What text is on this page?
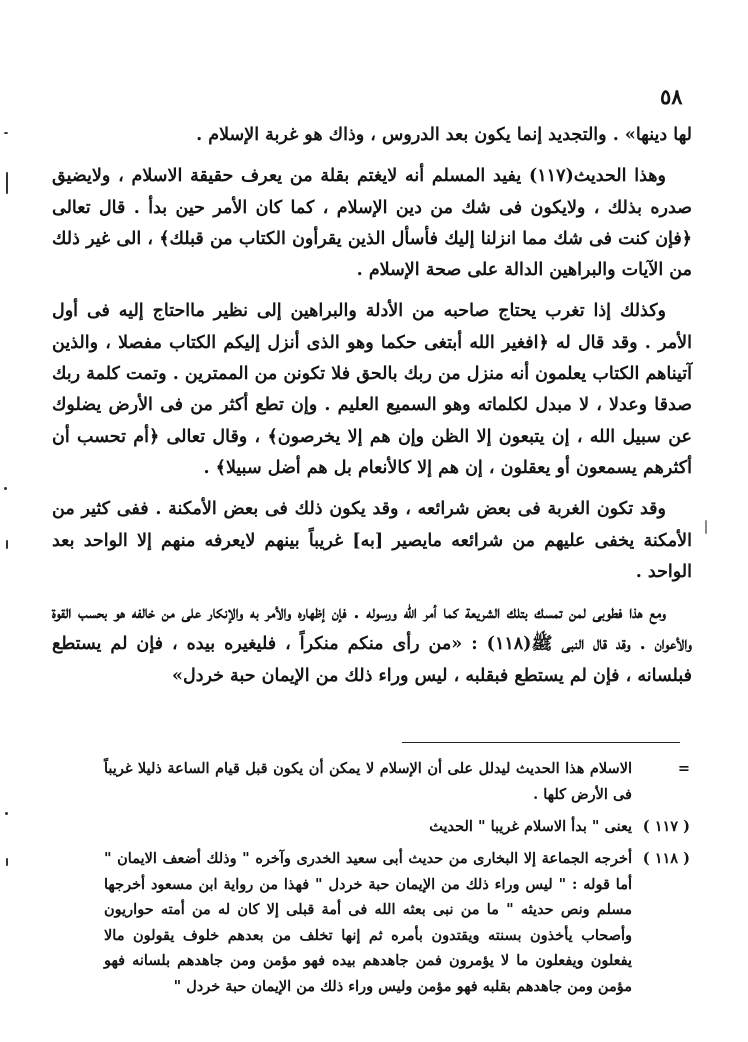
٥٨

لها دينها» . والتجديد إنما يكون بعد الدروس ، وذاك هو غربة الإسلام .

وهذا الحديث(١١٧) يفيد المسلم أنه لايغتم بقلة من يعرف حقيقة الاسلام ، ولايضيق صدره بذلك ، ولايكون فى شك من دين الإسلام ، كما كان الأمر حين بدأ . قال تعالى ﴿فإن كنت فى شك مما انزلنا إليك فأسأل الذين يقرأون الكتاب من قبلك﴾ ، الى غير ذلك من الآيات والبراهين الدالة على صحة الإسلام .

وكذلك إذا تغرب يحتاج صاحبه من الأدلة والبراهين إلى نظير مااحتاج إليه فى أول الأمر . وقد قال له ﴿افغير الله أبتغى حكما وهو الذى أنزل إليكم الكتاب مفصلا ، والذين آتيناهم الكتاب يعلمون أنه منزل من ربك بالحق فلا تكونن من الممترين . وتمت كلمة ربك صدقا وعدلا ، لا مبدل لكلماته وهو السميع العليم . وإن تطع أكثر من فى الأرض يضلوك عن سبيل الله ، إن يتبعون إلا الظن وإن هم إلا يخرصون﴾ ، وقال تعالى ﴿أم تحسب أن أكثرهم يسمعون أو يعقلون ، إن هم إلا كالأنعام بل هم أضل سبيلا﴾ .

وقد تكون الغربة فى بعض شرائعه ، وقد يكون ذلك فى بعض الأمكنة . ففى كثير من الأمكنة يخفى عليهم من شرائعه مايصير [به] غريباً بينهم لايعرفه منهم إلا الواحد بعد الواحد .

ومع هذا فطوبى لمن تمسك بتلك الشريعة كما أمر الله ورسوله . فإن إظهاره والأمر به والإنكار على من خالفه هو بحسب القوة والأعوان . وقد قال النبى ﷺ(١١٨) : «من رأى منكم منكراً ، فليغيره بيده ، فإن لم يستطع فبلسانه ، فإن لم يستطع فبقلبه ، ليس وراء ذلك من الإيمان حبة خردل»

=
الاسلام هذا الحديث ليدلل على أن الإسلام لا يمكن أن يكون قبل قيام الساعة ذليلا غريباً فى الأرض كلها .
( ١١٧ )
يعنى " بدأ الاسلام غريبا " الحديث
( ١١٨ )
أخرجه الجماعة إلا البخارى من حديث أبى سعيد الخدرى وآخره " وذلك أضعف الايمان " أما قوله : " ليس وراء ذلك من الإيمان حبة خردل " فهذا من رواية ابن مسعود أخرجها مسلم ونص حديثه " ما من نبى بعثه الله فى أمة قبلى إلا كان له من أمته حواريون وأصحاب يأخذون بسنته ويقتدون بأمره ثم إنها تخلف من بعدهم خلوف يقولون مالا يفعلون ويفعلون ما لا يؤمرون فمن جاهدهم بيده فهو مؤمن ومن جاهدهم بلسانه فهو مؤمن ومن جاهدهم بقلبه فهو مؤمن وليس وراء ذلك من الإيمان حبة خردل "
